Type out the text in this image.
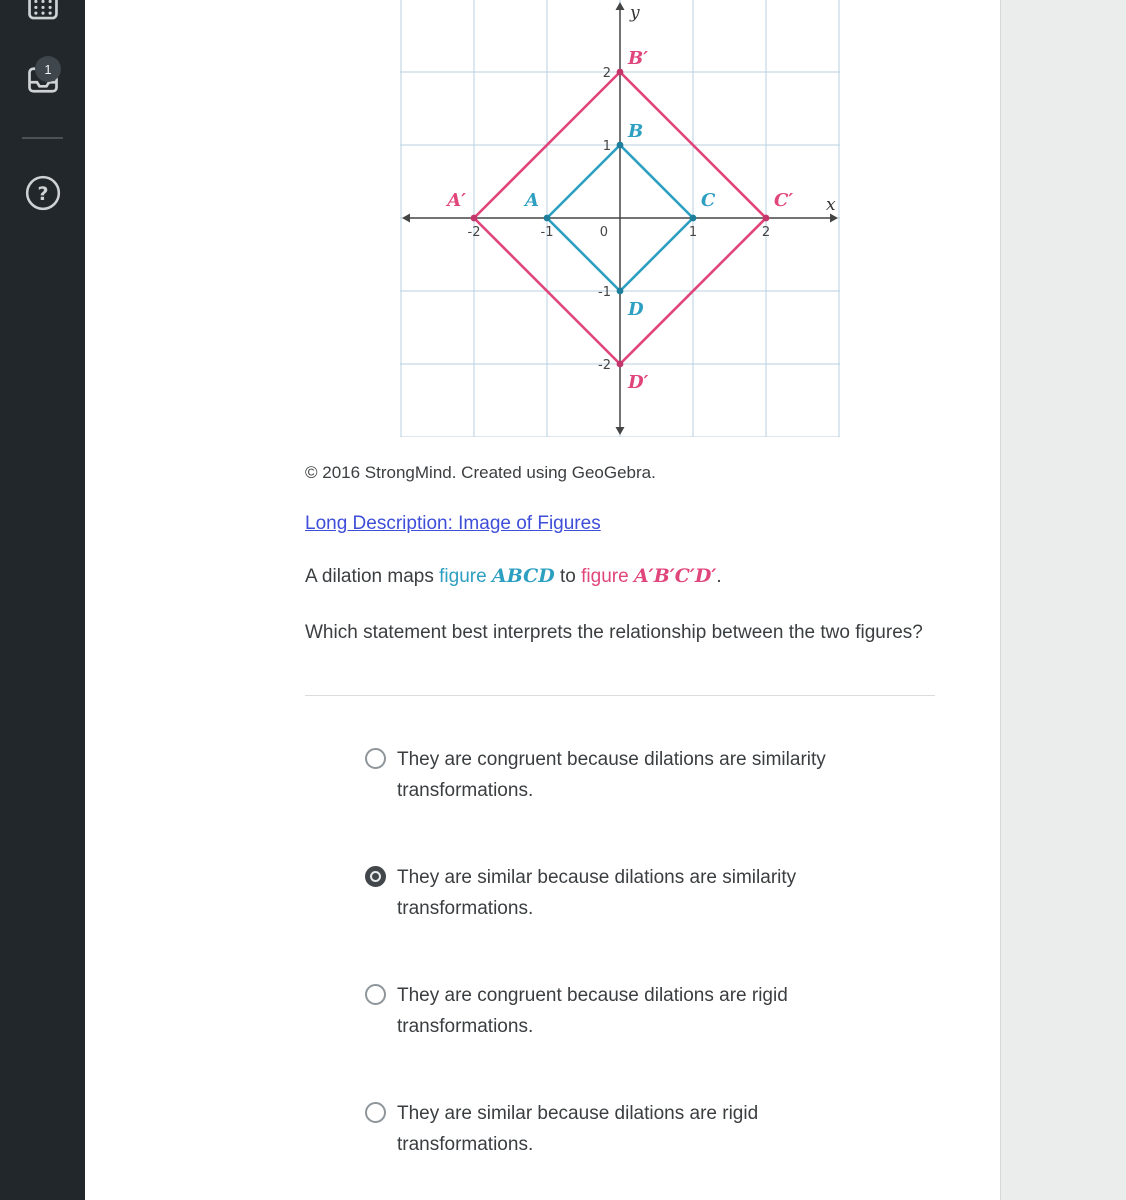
1
?
-2	-1	1	2
2
1
-1
-2
0
y
x
A′
B′
C′
D′
A
B
C
D

© 2016 StrongMind. Created using GeoGebra.

Long Description: Image of Figures

A dilation maps figure ABCD to figure A′B′C′D′.

Which statement best interprets the relationship between the two figures?

They are congruent because dilations are similarity transformations.
They are similar because dilations are similarity transformations.
They are congruent because dilations are rigid transformations.
They are similar because dilations are rigid transformations.
